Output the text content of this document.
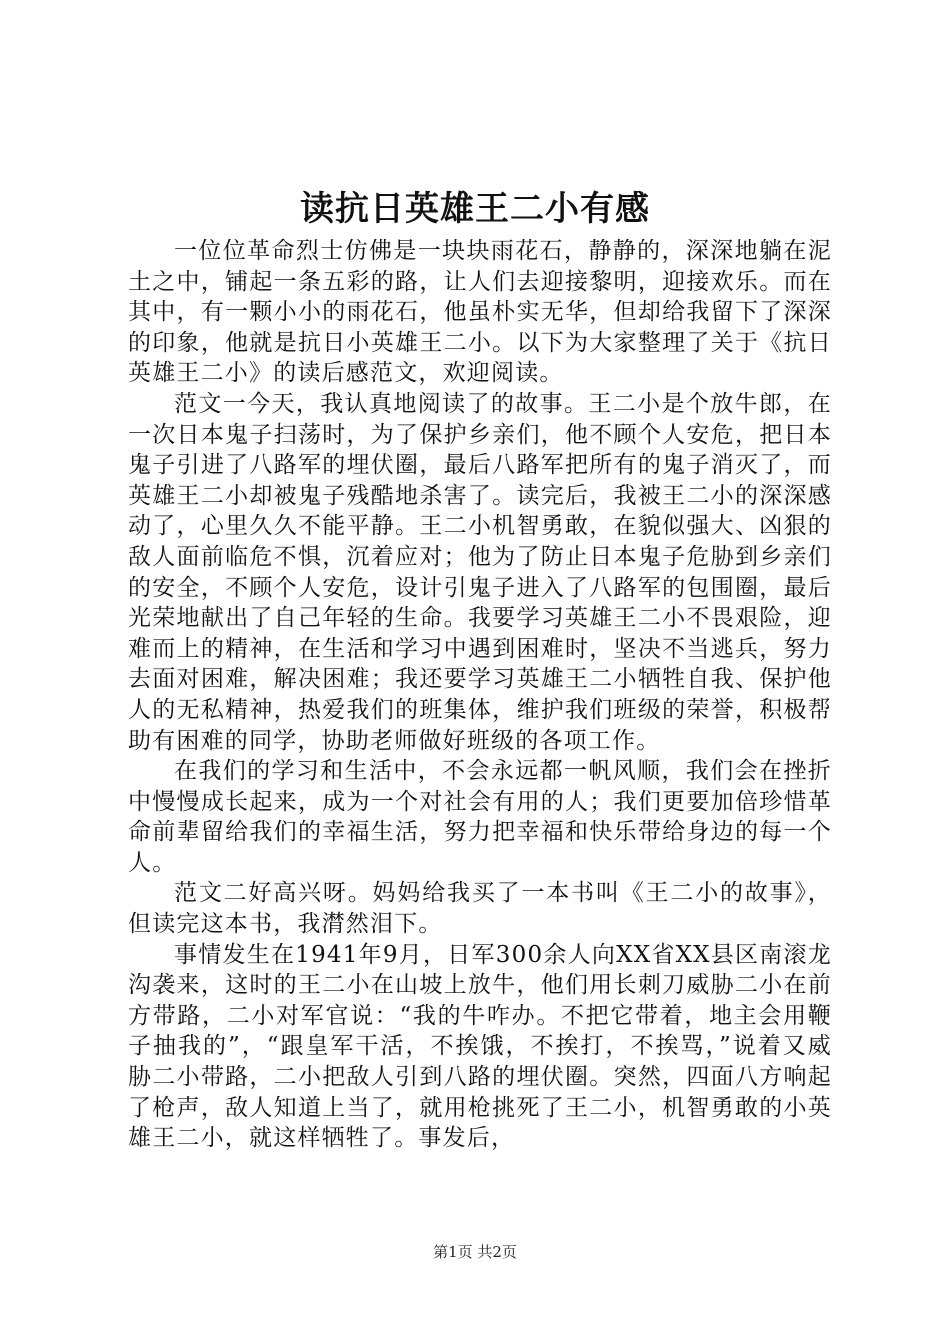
读抗日英雄王二小有感

一位位革命烈士仿佛是一块块雨花石，静静的，深深地躺在泥土之中，铺起一条五彩的路，让人们去迎接黎明，迎接欢乐。而在其中，有一颗小小的雨花石，他虽朴实无华，但却给我留下了深深的印象，他就是抗日小英雄王二小。以下为大家整理了关于《抗日英雄王二小》的读后感范文，欢迎阅读。

范文一今天，我认真地阅读了的故事。王二小是个放牛郎，在一次日本鬼子扫荡时，为了保护乡亲们，他不顾个人安危，把日本鬼子引进了八路军的埋伏圈，最后八路军把所有的鬼子消灭了，而英雄王二小却被鬼子残酷地杀害了。读完后，我被王二小的深深感动了，心里久久不能平静。王二小机智勇敢，在貌似强大、凶狠的敌人面前临危不惧，沉着应对；他为了防止日本鬼子危胁到乡亲们的安全，不顾个人安危，设计引鬼子进入了八路军的包围圈，最后光荣地献出了自己年轻的生命。我要学习英雄王二小不畏艰险，迎难而上的精神，在生活和学习中遇到困难时，坚决不当逃兵，努力去面对困难，解决困难；我还要学习英雄王二小牺牲自我、保护他人的无私精神，热爱我们的班集体，维护我们班级的荣誉，积极帮助有困难的同学，协助老师做好班级的各项工作。

在我们的学习和生活中，不会永远都一帆风顺，我们会在挫折中慢慢成长起来，成为一个对社会有用的人；我们更要加倍珍惜革命前辈留给我们的幸福生活，努力把幸福和快乐带给身边的每一个人。

范文二好高兴呀。妈妈给我买了一本书叫《王二小的故事》，但读完这本书，我潸然泪下。

事情发生在1941年9月，日军300余人向XX省XX县区南滚龙沟袭来，这时的王二小在山坡上放牛，他们用长刺刀威胁二小在前方带路，二小对军官说：“我的牛咋办。不把它带着，地主会用鞭子抽我的”，“跟皇军干活，不挨饿，不挨打，不挨骂，”说着又威胁二小带路，二小把敌人引到八路的埋伏圈。突然，四面八方响起了枪声，敌人知道上当了，就用枪挑死了王二小，机智勇敢的小英雄王二小，就这样牺牲了。事发后，

第1页 共2页
